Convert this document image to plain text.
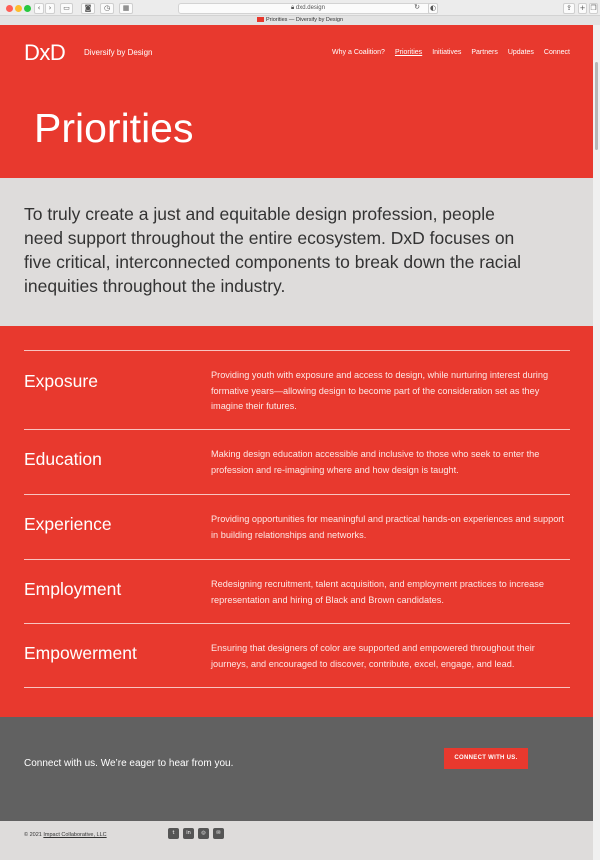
‹	›	▭	◙	◷	▦	🔒︎ dxd.design	↻ ◐	⇪	+ ❐
Priorities — Diversify by Design
DxD Diversify by Design	Why a Coalition? Priorities Initiatives Partners Updates Connect
Priorities

To truly create a just and equitable design profession, people need support throughout the entire ecosystem. DxD focuses on five critical, interconnected components to break down the racial inequities throughout the industry.

Exposure	Providing youth with exposure and access to design, while nurturing interest during formative years—allowing design to become part of the consideration set as they imagine their futures.

Education	Making design education accessible and inclusive to those who seek to enter the profession and re-imagining where and how design is taught.

Experience	Providing opportunities for meaningful and practical hands-on experiences and support in building relationships and networks.

Employment	Redesigning recruitment, talent acquisition, and employment practices to increase representation and hiring of Black and Brown candidates.

Empowerment	Ensuring that designers of color are supported and empowered throughout their journeys, and encouraged to discover, contribute, excel, engage, and lead.

Connect with us. We’re eager to hear from you.	CONNECT WITH US.
© 2021 Impact Collaborative, LLC	t	in	◎	✉
